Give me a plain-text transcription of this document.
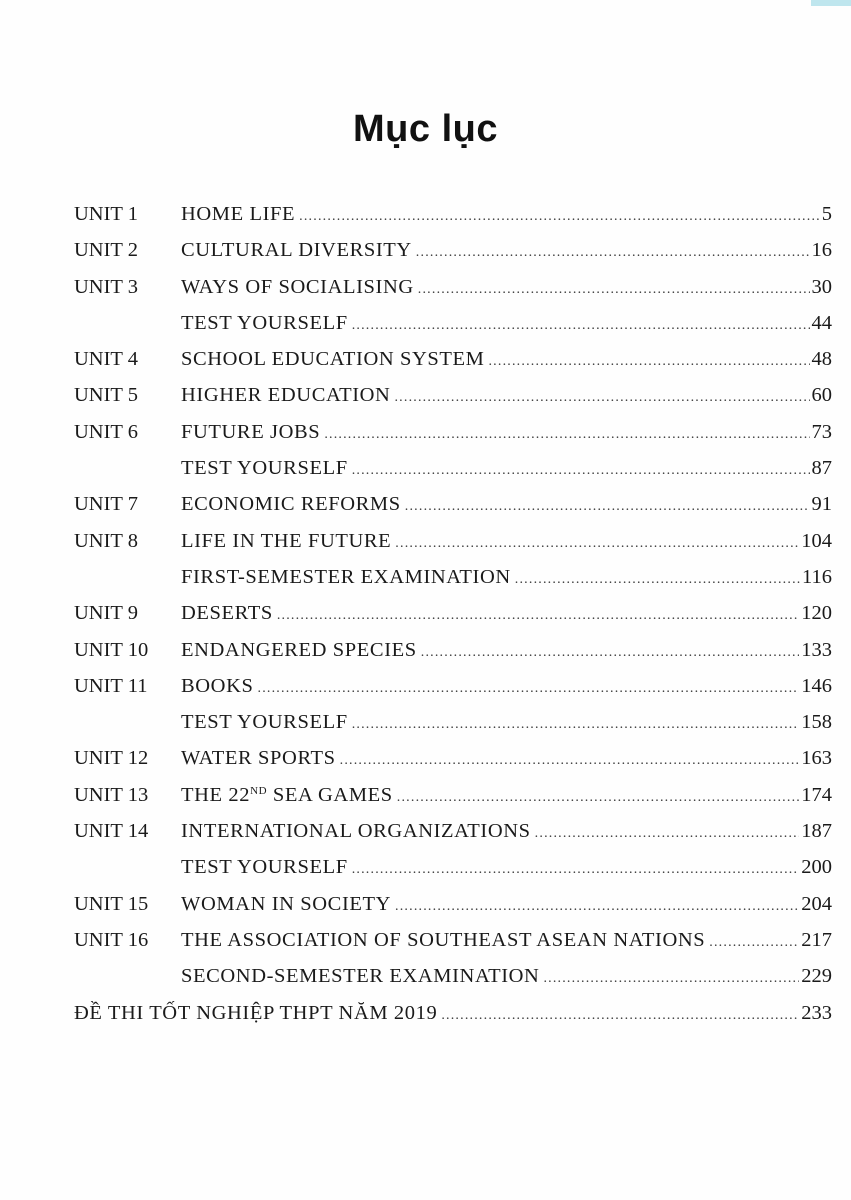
Mục lục
UNIT 1	HOME LIFE .....	5
UNIT 2	CULTURAL DIVERSITY .....	16
UNIT 3	WAYS OF SOCIALISING .....	30
TEST YOURSELF .....	44
UNIT 4	SCHOOL EDUCATION SYSTEM .....	48
UNIT 5	HIGHER EDUCATION .....	60
UNIT 6	FUTURE JOBS .....	73
TEST YOURSELF .....	87
UNIT 7	ECONOMIC REFORMS .....	91
UNIT 8	LIFE IN THE FUTURE .....	104
FIRST-SEMESTER EXAMINATION .....	116
UNIT 9	DESERTS .....	120
UNIT 10	ENDANGERED SPECIES .....	133
UNIT 11	BOOKS .....	146
TEST YOURSELF .....	158
UNIT 12	WATER SPORTS .....	163
UNIT 13	THE 22ND SEA GAMES .....	174
UNIT 14	INTERNATIONAL ORGANIZATIONS .....	187
TEST YOURSELF .....	200
UNIT 15	WOMAN IN SOCIETY .....	204
UNIT 16	THE ASSOCIATION OF SOUTHEAST ASEAN NATIONS .....	217
SECOND-SEMESTER EXAMINATION .....	229
ĐỀ THI TỐT NGHIỆP THPT NĂM 2019 .....	233
